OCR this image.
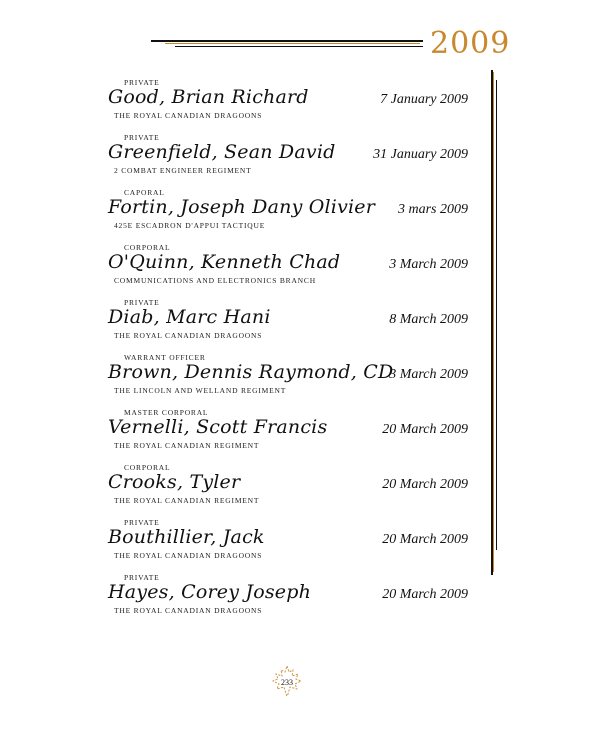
2009
PRIVATE
Good, Brian Richard
THE ROYAL CANADIAN DRAGOONS
7 January 2009
PRIVATE
Greenfield, Sean David
2 COMBAT ENGINEER REGIMENT
31 January 2009
CAPORAL
Fortin, Joseph Dany Olivier
425E ESCADRON D'APPUI TACTIQUE
3 mars 2009
CORPORAL
O'Quinn, Kenneth Chad
COMMUNICATIONS AND ELECTRONICS BRANCH
3 March 2009
PRIVATE
Diab, Marc Hani
THE ROYAL CANADIAN DRAGOONS
8 March 2009
WARRANT OFFICER
Brown, Dennis Raymond, CD
THE LINCOLN AND WELLAND REGIMENT
3 March 2009
MASTER CORPORAL
Vernelli, Scott Francis
THE ROYAL CANADIAN REGIMENT
20 March 2009
CORPORAL
Crooks, Tyler
THE ROYAL CANADIAN REGIMENT
20 March 2009
PRIVATE
Bouthillier, Jack
THE ROYAL CANADIAN DRAGOONS
20 March 2009
PRIVATE
Hayes, Corey Joseph
THE ROYAL CANADIAN DRAGOONS
20 March 2009
233
